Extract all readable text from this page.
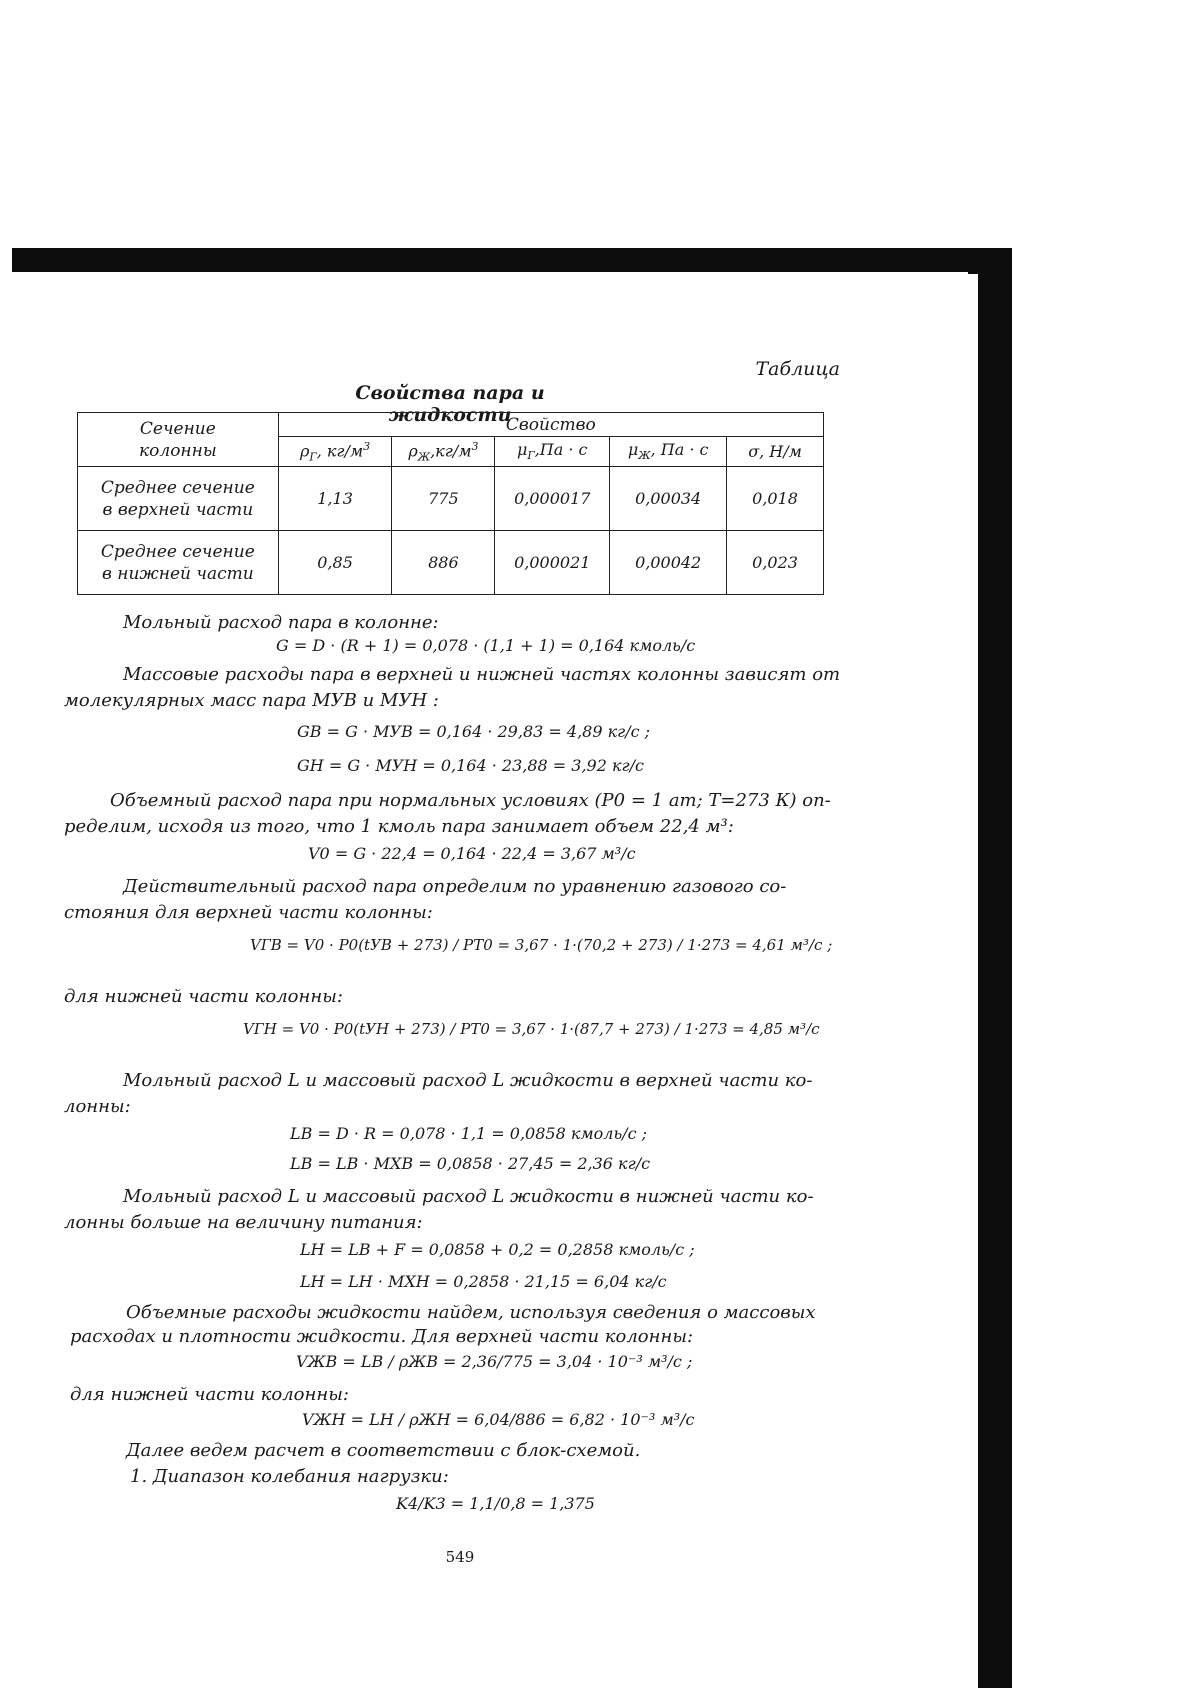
Таблица
Свойства пара и жидкости
Сечение
колонны	Свойство				
	$\rho_Г$, $кг/м^3$	$\rho_Ж,кг/м^3$	$\mu_Г,Па \cdot с$	$\mu_Ж$, Па · с	σ, Н/м
Среднее сечение
в верхней части	1,13	775	0,000017	0,00034	0,018
Среднее сечение
в нижней части	0,85	886	0,000021	0,00042	0,023
Мольный расход пара в колонне:
G = D · (R + 1) = 0,078 · (1,1 + 1) = 0,164 кмоль/с
Массовые расходы пара в верхней и нижней частях колонны зависят от
молекулярных масс пара MУВ и MУН :
GВ = G · MУВ = 0,164 · 29,83 = 4,89 кг/с ;
GН = G · MУН = 0,164 · 23,88 = 3,92 кг/с
Объемный расход пара при нормальных условиях (P0 = 1 ат; T=273 К) оп-
ределим, исходя из того, что 1 кмоль пара занимает объем 22,4 м³:
V0 = G · 22,4 = 0,164 · 22,4 = 3,67 м³/с
Действительный расход пара определим по уравнению газового со-
стояния для верхней части колонны:
VГВ = V0 · P0(tУВ + 273) / PT0 = 3,67 · 1·(70,2 + 273) / 1·273 = 4,61 м³/с ;
для нижней части колонны:
VГН = V0 · P0(tУН + 273) / PT0 = 3,67 · 1·(87,7 + 273) / 1·273 = 4,85 м³/с
Мольный расход L и массовый расход L жидкости в верхней части ко-
лонны:
LВ = D · R = 0,078 · 1,1 = 0,0858 кмоль/с ;
LВ = LВ · MХВ = 0,0858 · 27,45 = 2,36 кг/с
Мольный расход L и массовый расход L жидкости в нижней части ко-
лонны больше на величину питания:
LН = LВ + F = 0,0858 + 0,2 = 0,2858 кмоль/с ;
LН = LН · MХН = 0,2858 · 21,15 = 6,04 кг/с
Объемные расходы жидкости найдем, используя сведения о массовых
расходах и плотности жидкости. Для верхней части колонны:
VЖВ = LВ / ρЖВ = 2,36/775 = 3,04 · 10⁻³ м³/с ;
для нижней части колонны:
VЖН = LН / ρЖН = 6,04/886 = 6,82 · 10⁻³ м³/с
Далее ведем расчет в соответствии с блок-схемой.
1. Диапазон колебания нагрузки:
K4/K3 = 1,1/0,8 = 1,375
549
